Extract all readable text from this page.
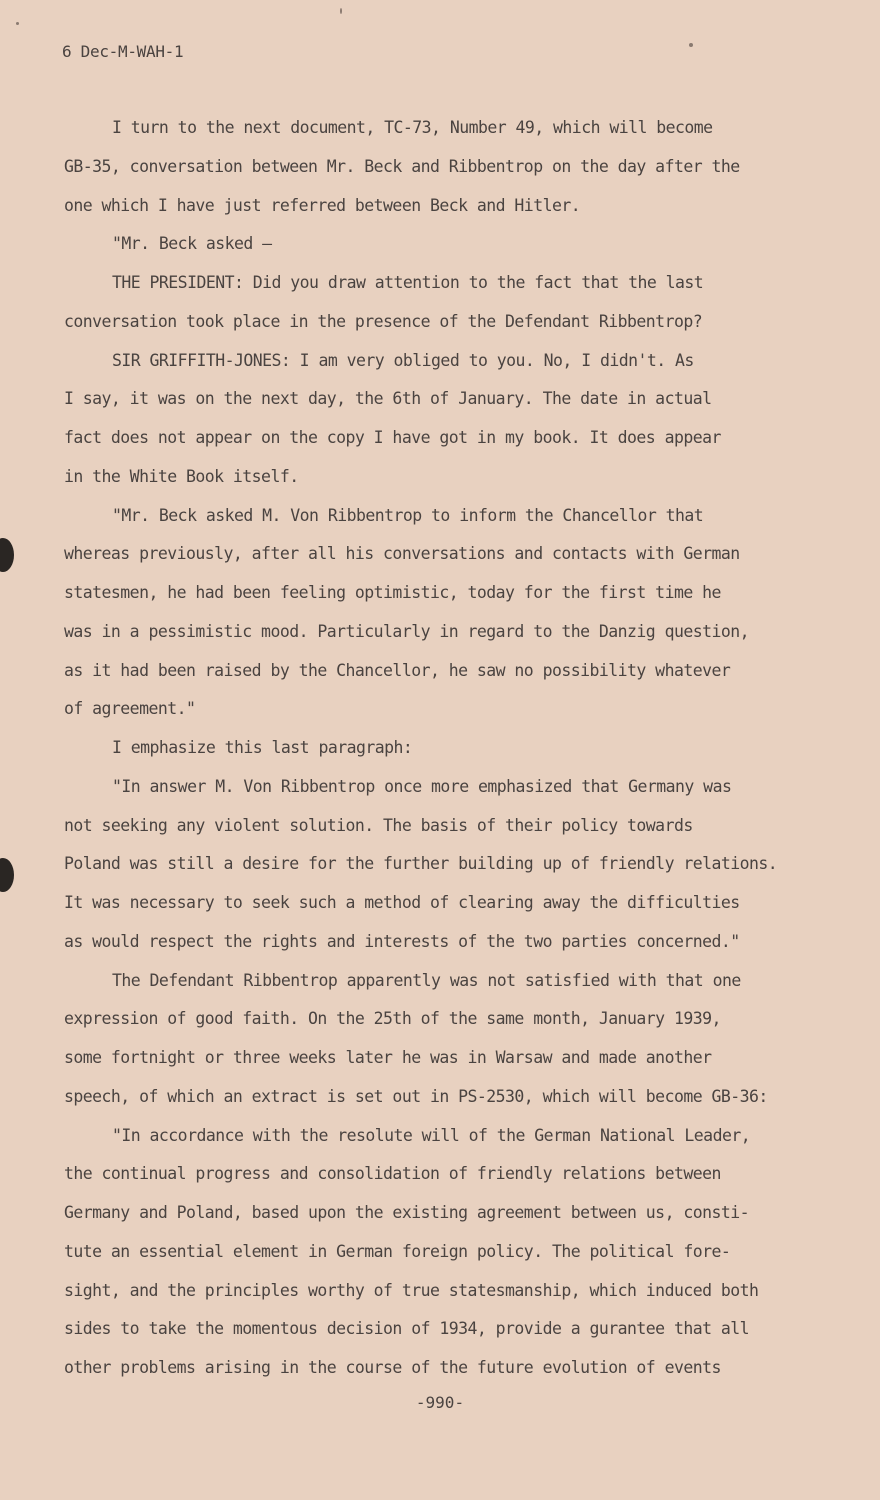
6 Dec-M-WAH-1
I turn to the next document, TC-73, Number 49, which will become
GB-35, conversation between Mr. Beck and Ribbentrop on the day after the
one which I have just referred between Beck and Hitler.
"Mr. Beck asked —
THE PRESIDENT: Did you draw attention to the fact that the last
conversation took place in the presence of the Defendant Ribbentrop?
SIR GRIFFITH-JONES: I am very obliged to you. No, I didn't. As
I say, it was on the next day, the 6th of January. The date in actual
fact does not appear on the copy I have got in my book. It does appear
in the White Book itself.
"Mr. Beck asked M. Von Ribbentrop to inform the Chancellor that
whereas previously, after all his conversations and contacts with German
statesmen, he had been feeling optimistic, today for the first time he
was in a pessimistic mood. Particularly in regard to the Danzig question,
as it had been raised by the Chancellor, he saw no possibility whatever
of agreement."
I emphasize this last paragraph:
"In answer M. Von Ribbentrop once more emphasized that Germany was
not seeking any violent solution. The basis of their policy towards
Poland was still a desire for the further building up of friendly relations.
It was necessary to seek such a method of clearing away the difficulties
as would respect the rights and interests of the two parties concerned."
The Defendant Ribbentrop apparently was not satisfied with that one
expression of good faith. On the 25th of the same month, January 1939,
some fortnight or three weeks later he was in Warsaw and made another
speech, of which an extract is set out in PS-2530, which will become GB-36:
"In accordance with the resolute will of the German National Leader,
the continual progress and consolidation of friendly relations between
Germany and Poland, based upon the existing agreement between us, consti-
tute an essential element in German foreign policy. The political fore-
sight, and the principles worthy of true statesmanship, which induced both
sides to take the momentous decision of 1934, provide a gurantee that all
other problems arising in the course of the future evolution of events
-990-
